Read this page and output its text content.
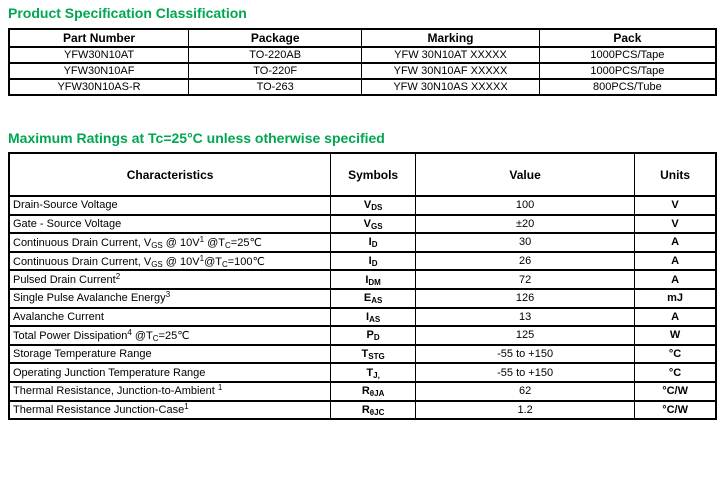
Product Specification Classification
Part Number	Package	Marking	Pack
YFW30N10AT	TO-220AB	YFW 30N10AT XXXXX	1000PCS/Tape
YFW30N10AF	TO-220F	YFW 30N10AF XXXXX	1000PCS/Tape
YFW30N10AS-R	TO-263	YFW 30N10AS XXXXX	800PCS/Tube
Maximum Ratings at Tc=25°C unless otherwise specified
Characteristics	Symbols	Value	Units
Drain-Source Voltage	$V_{DS}$	100	V
Gate - Source Voltage	$V_{GS}$	±20	V
Continuous Drain Current, $V_{GS}$ @ $10V^1$ $@T_C=25℃$	$I_D$	30	A
Continuous Drain Current, $V_{GS}$ @ $10V^1@T_C=100℃$	$I_D$	26	A
Pulsed Drain Current$^2$	$I_{DM}$	72	A
Single Pulse Avalanche Energy$^3$	$E_{AS}$	126	mJ
Avalanche Current	$I_{AS}$	13	A
Total Power Dissipation$^4$ $@T_C=25℃$	$P_D$	125	W
Storage Temperature Range	$T_{STG}$	-55 to +150	°C
Operating Junction Temperature Range	$T_{J,}$	-55 to +150	°C
Thermal Resistance, Junction-to-Ambient $^1$	$R_{\theta JA}$	62	°C/W
Thermal Resistance Junction-Case$^1$	$R_{\theta JC}$	1.2	°C/W
